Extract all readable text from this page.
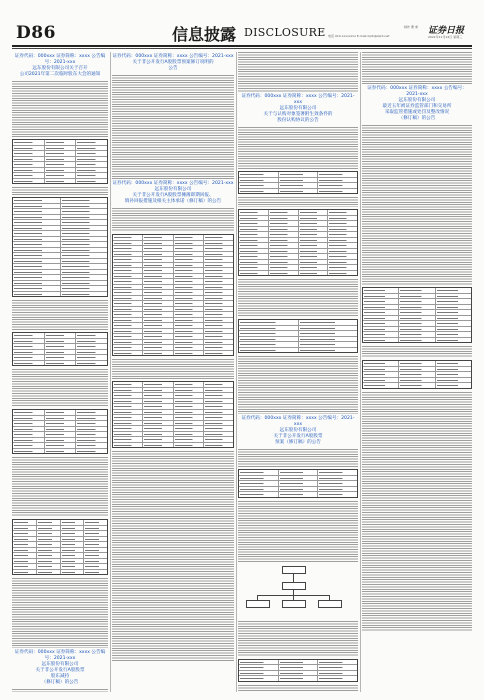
D86	信息披露 DISCLOSURE 电话 010-xxxxxxxx E-mail:zqrb@zqrb.net
制作 曹 秉 证券日报
2021年11月24日 星期三
证券代码：000xxx 证券简称：xxxx 公告编号：2021-xxx
远东股份有限公司关于召开
公司2021年第二次临时股东大会的通知
证券代码：000xxx 证券简称：xxxx 公告编号：2021-xxx
远东股份有限公司
关于非公开发行A股股票
股东减持
（修订稿）的公告
证券代码：000xxx 证券简称：xxxx 公告编号：2021-xxx
关于非公开发行A股股票预案修订说明的
公告
证券代码：000xxx 证券简称：xxxx 公告编号：2021-xxx
远东股份有限公司
关于非公开发行A股股票摊薄即期回报、
填补回报措施及相关主体承诺（修订稿）的公告
证券代码：000xxx 证券简称：xxxx 公告编号：2021-xxx
远东股份有限公司
关于与认购对象签署附生效条件的
股份认购协议的公告
证券代码：000xxx 证券简称：xxxx 公告编号：2021-xxx
远东股份有限公司
关于非公开发行A股股票
预案（修订稿）的公告
证券代码：000xxx 证券简称：xxxx 公告编号：2021-xxx
远东股份有限公司
最近五年被证券监管部门和交易所
采取监管措施或处罚及整改情况
（修订稿）的公告
